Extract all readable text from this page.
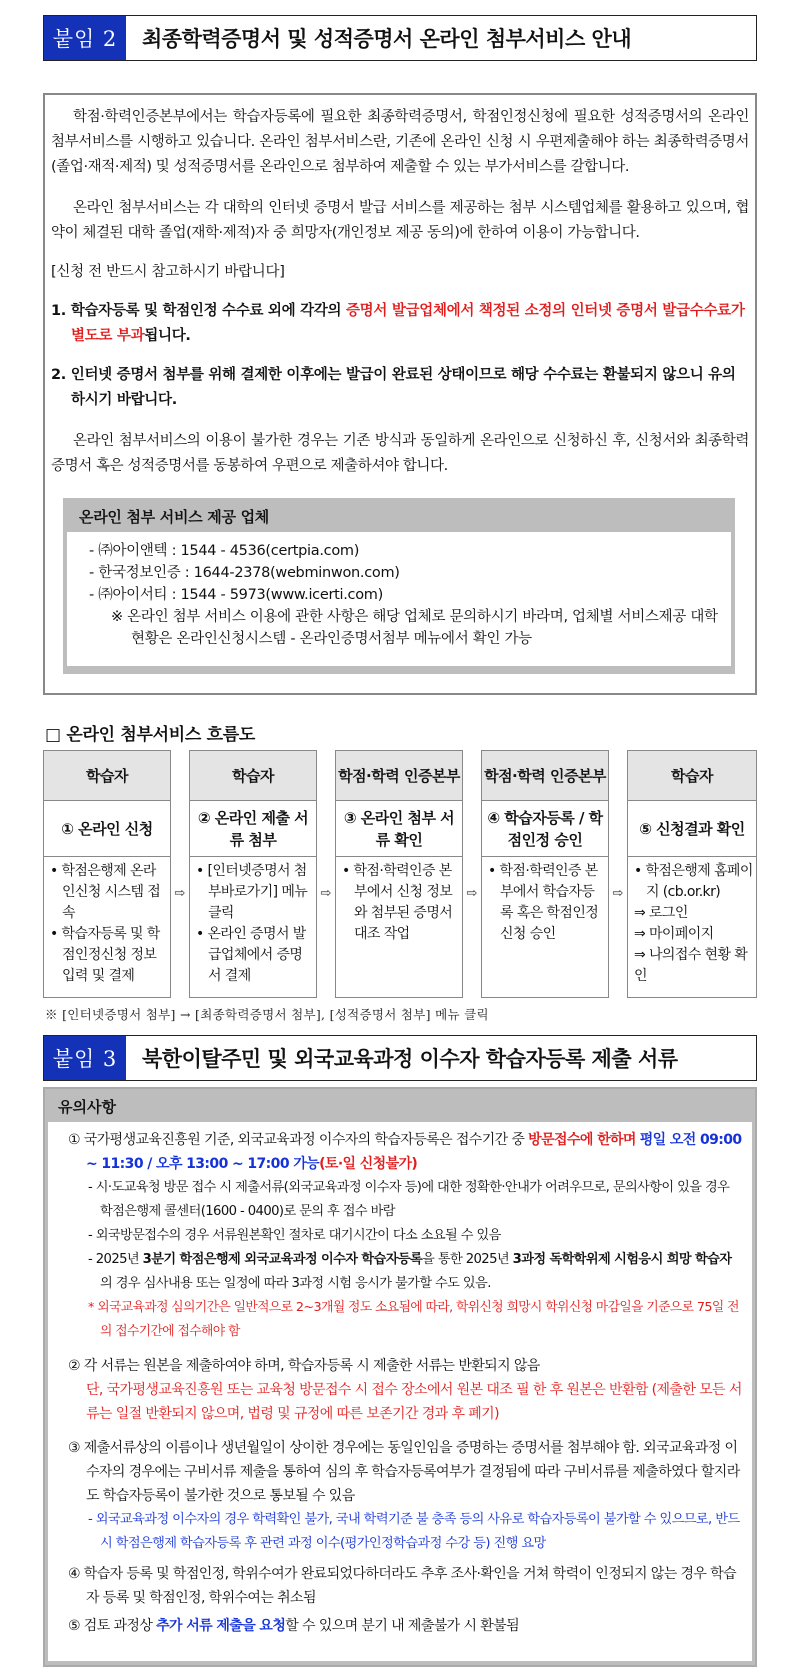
붙임 2	최종학력증명서 및 성적증명서 온라인 첨부서비스 안내

학점·학력인증본부에서는 학습자등록에 필요한 최종학력증명서, 학점인정신청에 필요한 성적증명서의 온라인 첨부서비스를 시행하고 있습니다. 온라인 첨부서비스란, 기존에 온라인 신청 시 우편제출해야 하는 최종학력증명서(졸업·재적·제적) 및 성적증명서를 온라인으로 첨부하여 제출할 수 있는 부가서비스를 갈합니다.

온라인 첨부서비스는 각 대학의 인터넷 증명서 발급 서비스를 제공하는 첨부 시스템업체를 활용하고 있으며, 협약이 체결된 대학 졸업(재학·제적)자 중 희망자(개인정보 제공 동의)에 한하여 이용이 가능합니다.

[신청 전 반드시 참고하시기 바랍니다]

1. 학습자등록 및 학점인정 수수료 외에 각각의 증명서 발급업체에서 책정된 소정의 인터넷 증명서 발급수수료가 별도로 부과됩니다.

2. 인터넷 증명서 첨부를 위해 결제한 이후에는 발급이 완료된 상태이므로 해당 수수료는 환불되지 않으니 유의하시기 바랍니다.

온라인 첨부서비스의 이용이 불가한 경우는 기존 방식과 동일하게 온라인으로 신청하신 후, 신청서와 최종학력증명서 혹은 성적증명서를 동봉하여 우편으로 제출하셔야 합니다.

온라인 첨부 서비스 제공 업체
- ㈜아이앤텍 : 1544 - 4536(certpia.com)
- 한국정보인증 : 1644-2378(webminwon.com)
- ㈜아이서티 : 1544 - 5973(www.icerti.com)
※ 온라인 첨부 서비스 이용에 관한 사항은 해당 업체로 문의하시기 바라며, 업체별 서비스제공 대학현황은 온라인신청시스템 - 온라인증명서첨부 메뉴에서 확인 가능
□ 온라인 첨부서비스 흐름도
학습자
① 온라인 신청
• 학점은행제 온라인신청 시스템 접속
• 학습자등록 및 학점인정신청 정보입력 및 결제
⇨
학습자
② 온라인 제출 서류 첨부
• [인터넷증명서 첨부바로가기] 메뉴클릭
• 온라인 증명서 발급업체에서 증명서 결제
⇨
학점·학력 인증본부
③ 온라인 첨부 서류 확인
• 학점·학력인증 본부에서 신청 정보와 첨부된 증명서 대조 작업
⇨
학점·학력 인증본부
④ 학습자등록 / 학점인정 승인
• 학점·학력인증 본부에서 학습자등록 혹은 학점인정신청 승인
⇨
학습자
⑤ 신청결과 확인
• 학점은행제 홈페이지 (cb.or.kr)
⇒ 로그인
⇒ 마이페이지
⇒ 나의접수 현황 확인
※ [인터넷증명서 첨부] → [최종학력증명서 첨부], [성적증명서 첨부] 메뉴 클릭
붙임 3	북한이탈주민 및 외국교육과정 이수자 학습자등록 제출 서류
유의사항
① 국가평생교육진흥원 기준, 외국교육과정 이수자의 학습자등록은 접수기간 중 방문접수에 한하며 평일 오전 09:00 ~ 11:30 / 오후 13:00 ~ 17:00 가능(토·일 신청불가)
- 시·도교육청 방문 접수 시 제출서류(외국교육과정 이수자 등)에 대한 정확한·안내가 어려우므로, 문의사항이 있을 경우 학점은행제 콜센터(1600 - 0400)로 문의 후 접수 바람
- 외국방문접수의 경우 서류원본확인 절차로 대기시간이 다소 소요될 수 있음
- 2025년 3분기 학점은행제 외국교육과정 이수자 학습자등록을 통한 2025년 3과정 독학학위제 시험응시 희망 학습자의 경우 심사내용 또는 일정에 따라 3과정 시험 응시가 불가할 수도 있음.
* 외국교육과정 심의기간은 일반적으로 2~3개월 정도 소요됨에 따라, 학위신청 희망시 학위신청 마감일을 기준으로 75일 전의 접수기간에 접수해야 함
② 각 서류는 원본을 제출하여야 하며, 학습자등록 시 제출한 서류는 반환되지 않음
단, 국가평생교육진흥원 또는 교육청 방문접수 시 접수 장소에서 원본 대조 필 한 후 원본은 반환함 (제출한 모든 서류는 일절 반환되지 않으며, 법령 및 규정에 따른 보존기간 경과 후 폐기)
③ 제출서류상의 이름이나 생년월일이 상이한 경우에는 동일인임을 증명하는 증명서를 첨부해야 함. 외국교육과정 이수자의 경우에는 구비서류 제출을 통하여 심의 후 학습자등록여부가 결정됨에 따라 구비서류를 제출하였다 할지라도 학습자등록이 불가한 것으로 통보될 수 있음
- 외국교육과정 이수자의 경우 학력확인 불가, 국내 학력기준 불 충족 등의 사유로 학습자등록이 불가할 수 있으므로, 반드시 학점은행제 학습자등록 후 관련 과정 이수(평가인정학습과정 수강 등) 진행 요망
④ 학습자 등록 및 학점인정, 학위수여가 완료되었다하더라도 추후 조사·확인을 거쳐 학력이 인정되지 않는 경우 학습자 등록 및 학점인정, 학위수여는 취소됨
⑤ 검토 과정상 추가 서류 제출을 요청할 수 있으며 분기 내 제출불가 시 환불됨
